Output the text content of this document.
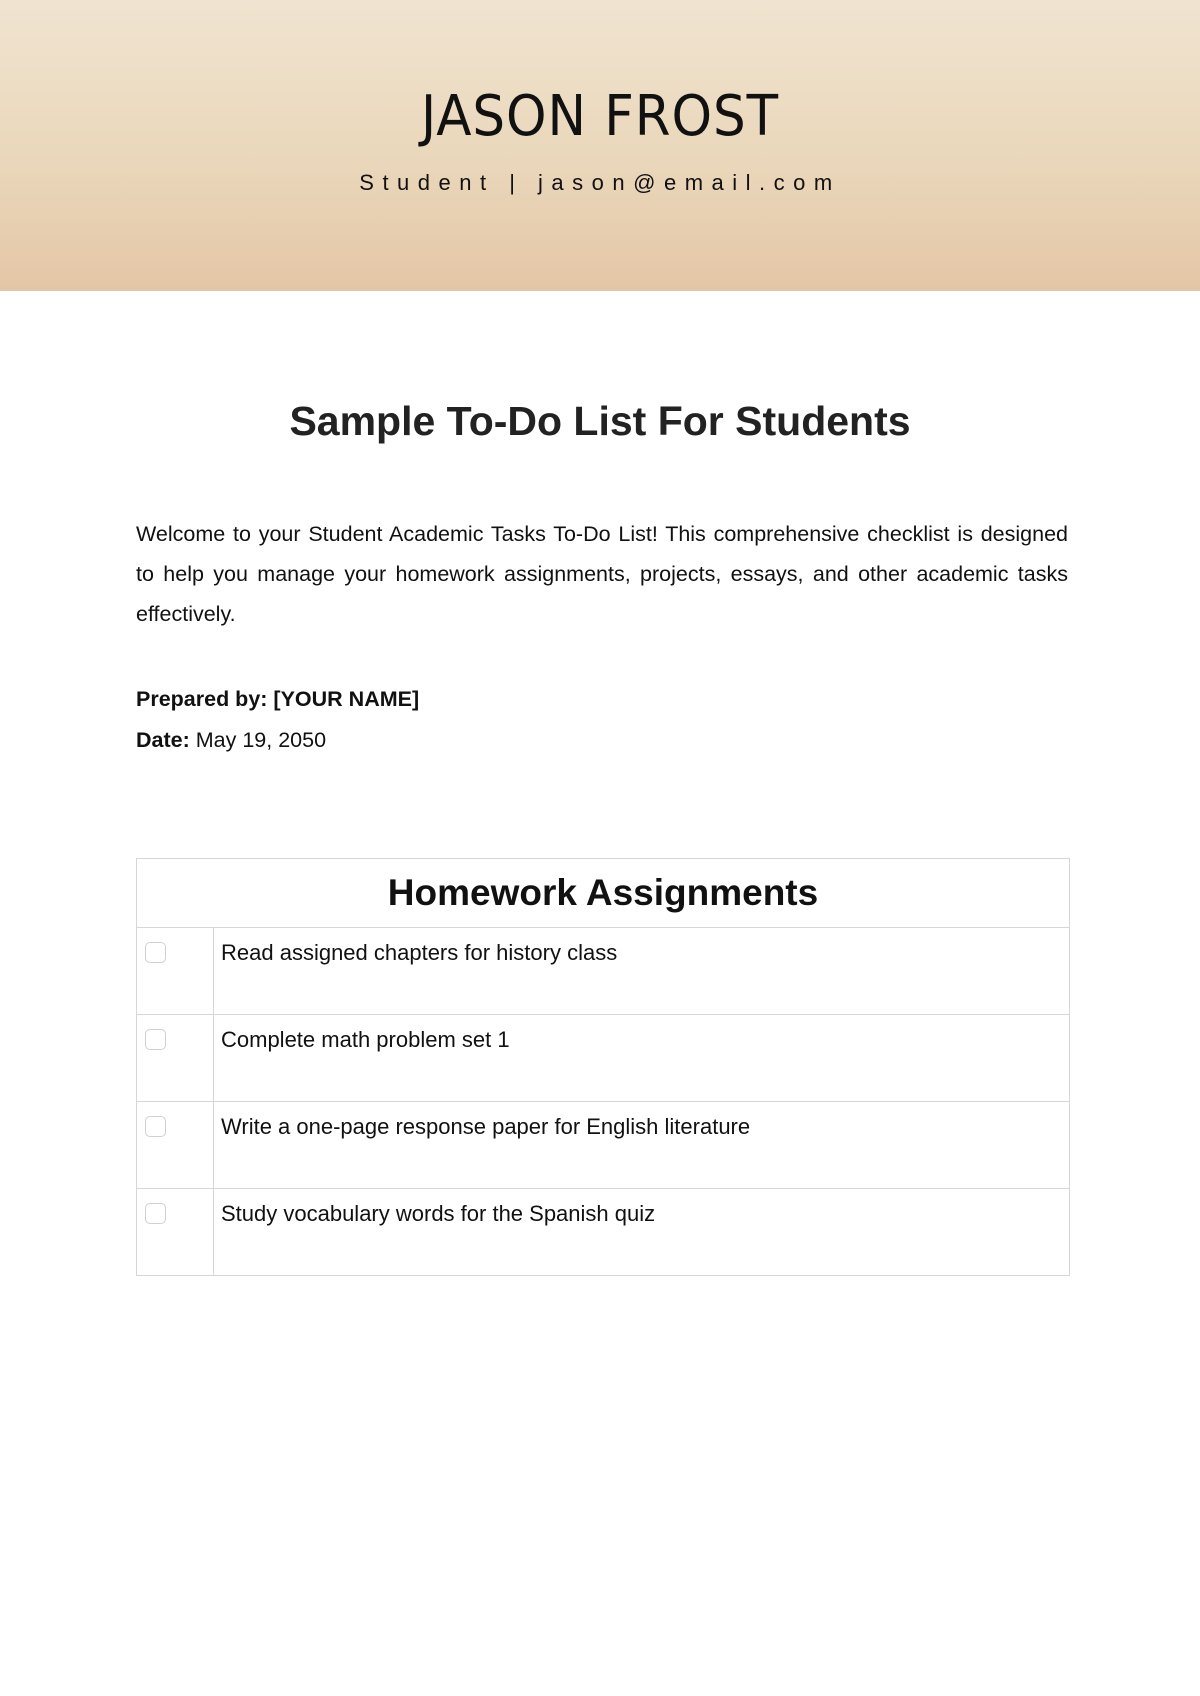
JASON FROST
Student | jason@email.com
Sample To-Do List For Students
Welcome to your Student Academic Tasks To-Do List! This comprehensive checklist is designed to help you manage your homework assignments, projects, essays, and other academic tasks effectively.
Prepared by: [YOUR NAME]
Date: May 19, 2050
Homework Assignments	

	Read assigned chapters for history class

	Complete math problem set 1

	Write a one-page response paper for English literature

	Study vocabulary words for the Spanish quiz
